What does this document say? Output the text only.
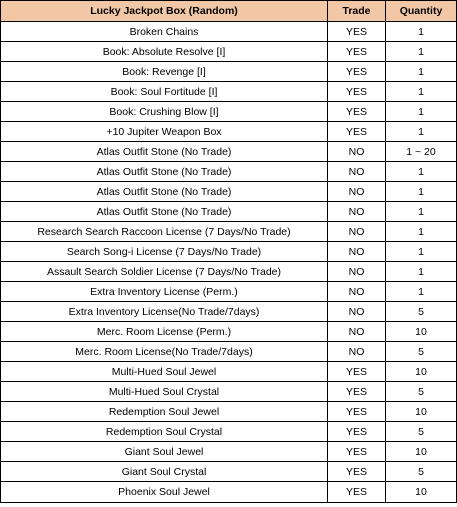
Lucky Jackpot Box (Random)	Trade	Quantity
Broken Chains	YES	1
Book: Absolute Resolve [I]	YES	1
Book: Revenge [I]	YES	1
Book: Soul Fortitude [I]	YES	1
Book: Crushing Blow [I]	YES	1
+10 Jupiter Weapon Box	YES	1
Atlas Outfit Stone (No Trade)	NO	1 ~ 20
Atlas Outfit Stone (No Trade)	NO	1
Atlas Outfit Stone (No Trade)	NO	1
Atlas Outfit Stone (No Trade)	NO	1
Research Search Raccoon License (7 Days/No Trade)	NO	1
Search Song-i License (7 Days/No Trade)	NO	1
Assault Search Soldier License (7 Days/No Trade)	NO	1
Extra Inventory License (Perm.)	NO	1
Extra Inventory License(No Trade/7days)	NO	5
Merc. Room License (Perm.)	NO	10
Merc. Room License(No Trade/7days)	NO	5
Multi-Hued Soul Jewel	YES	10
Multi-Hued Soul Crystal	YES	5
Redemption Soul Jewel	YES	10
Redemption Soul Crystal	YES	5
Giant Soul Jewel	YES	10
Giant Soul Crystal	YES	5
Phoenix Soul Jewel	YES	10
